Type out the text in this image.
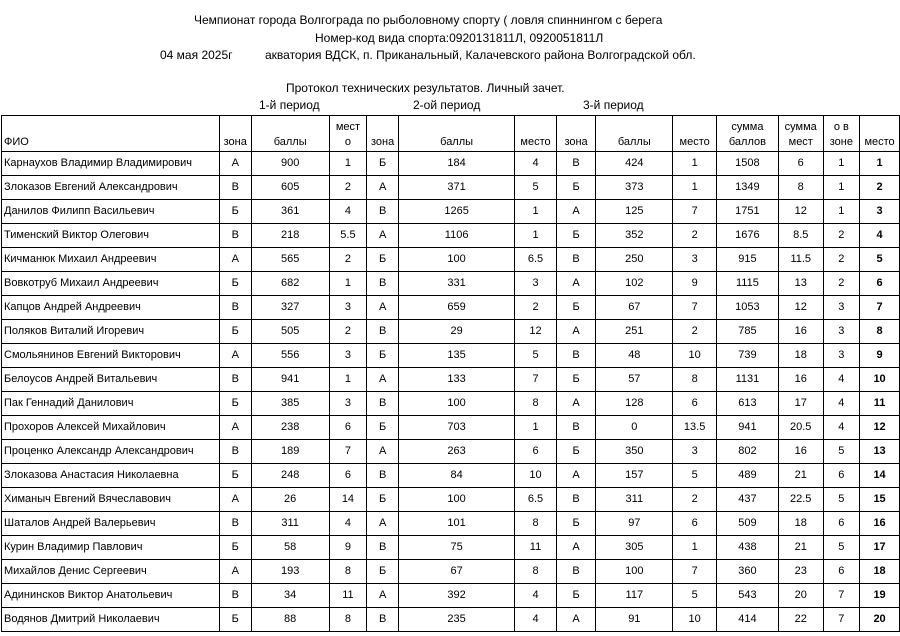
Чемпионат города Волгограда по рыболовному спорту ( ловля спиннингом с берега
Номер-код вида спорта:0920131811Л, 0920051811Л
04 мая 2025г	акватория ВДСК, п. Приканальный, Калачевского района Волгоградской обл.
Протокол технических результатов. Личный зачет.
1-й период	2-ой период	3-й период
ФИО	зона	баллы	мест о	зона	баллы	место	зона	баллы	место	сумма баллов	сумма мест	о в зоне	место
Карнаухов Владимир Владимирович	А	900	1	Б	184	4	В	424	1	1508	6	1	1
Злоказов Евгений Александрович	В	605	2	А	371	5	Б	373	1	1349	8	1	2
Данилов Филипп Васильевич	Б	361	4	В	1265	1	А	125	7	1751	12	1	3
Тименский Виктор Олегович	В	218	5.5	А	1106	1	Б	352	2	1676	8.5	2	4
Кичманюк Михаил Андреевич	А	565	2	Б	100	6.5	В	250	3	915	11.5	2	5
Вовкотруб Михаил Андреевич	Б	682	1	В	331	3	А	102	9	1115	13	2	6
Капцов Андрей Андреевич	В	327	3	А	659	2	Б	67	7	1053	12	3	7
Поляков Виталий Игоревич	Б	505	2	В	29	12	А	251	2	785	16	3	8
Смольянинов Евгений Викторович	А	556	3	Б	135	5	В	48	10	739	18	3	9
Белоусов Андрей Витальевич	В	941	1	А	133	7	Б	57	8	1131	16	4	10
Пак Геннадий Данилович	Б	385	3	В	100	8	А	128	6	613	17	4	11
Прохоров Алексей Михайлович	А	238	6	Б	703	1	В	0	13.5	941	20.5	4	12
Проценко Александр Александрович	В	189	7	А	263	6	Б	350	3	802	16	5	13
Злоказова Анастасия Николаевна	Б	248	6	В	84	10	А	157	5	489	21	6	14
Химаныч Евгений Вячеславович	А	26	14	Б	100	6.5	В	311	2	437	22.5	5	15
Шаталов Андрей Валерьевич	В	311	4	А	101	8	Б	97	6	509	18	6	16
Курин Владимир Павлович	Б	58	9	В	75	11	А	305	1	438	21	5	17
Михайлов Денис Сергеевич	А	193	8	Б	67	8	В	100	7	360	23	6	18
Адининсков Виктор Анатольевич	В	34	11	А	392	4	Б	117	5	543	20	7	19
Водянов Дмитрий Николаевич	Б	88	8	В	235	4	А	91	10	414	22	7	20
